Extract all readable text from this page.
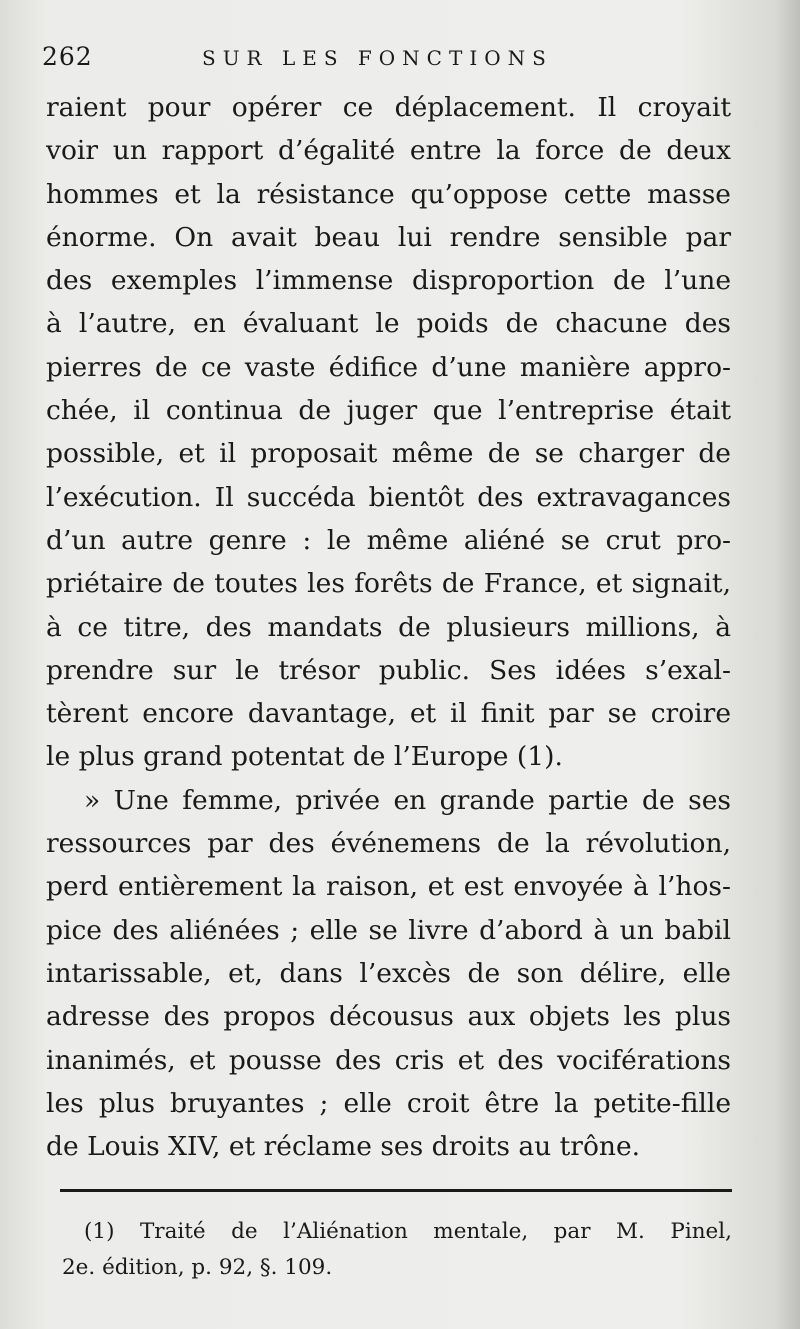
262	SUR LES FONCTIONS
raient pour opérer ce déplacement. Il croyait
voir un rapport d’égalité entre la force de deux
hommes et la résistance qu’oppose cette masse
énorme. On avait beau lui rendre sensible par
des exemples l’immense disproportion de l’une
à l’autre, en évaluant le poids de chacune des
pierres de ce vaste édifice d’une manière appro-
chée, il continua de juger que l’entreprise était
possible, et il proposait même de se charger de
l’exécution. Il succéda bientôt des extravagances
d’un autre genre : le même aliéné se crut pro-
priétaire de toutes les forêts de France, et signait,
à ce titre, des mandats de plusieurs millions, à
prendre sur le trésor public. Ses idées s’exal-
tèrent encore davantage, et il finit par se croire
le plus grand potentat de l’Europe (1).
» Une femme, privée en grande partie de ses
ressources par des événemens de la révolution,
perd entièrement la raison, et est envoyée à l’hos-
pice des aliénées ; elle se livre d’abord à un babil
intarissable, et, dans l’excès de son délire, elle
adresse des propos décousus aux objets les plus
inanimés, et pousse des cris et des vociférations
les plus bruyantes ; elle croit être la petite-fille
de Louis XIV, et réclame ses droits au trône.
(1) Traité de l’Aliénation mentale, par M. Pinel,
2e. édition, p. 92, §. 109.
